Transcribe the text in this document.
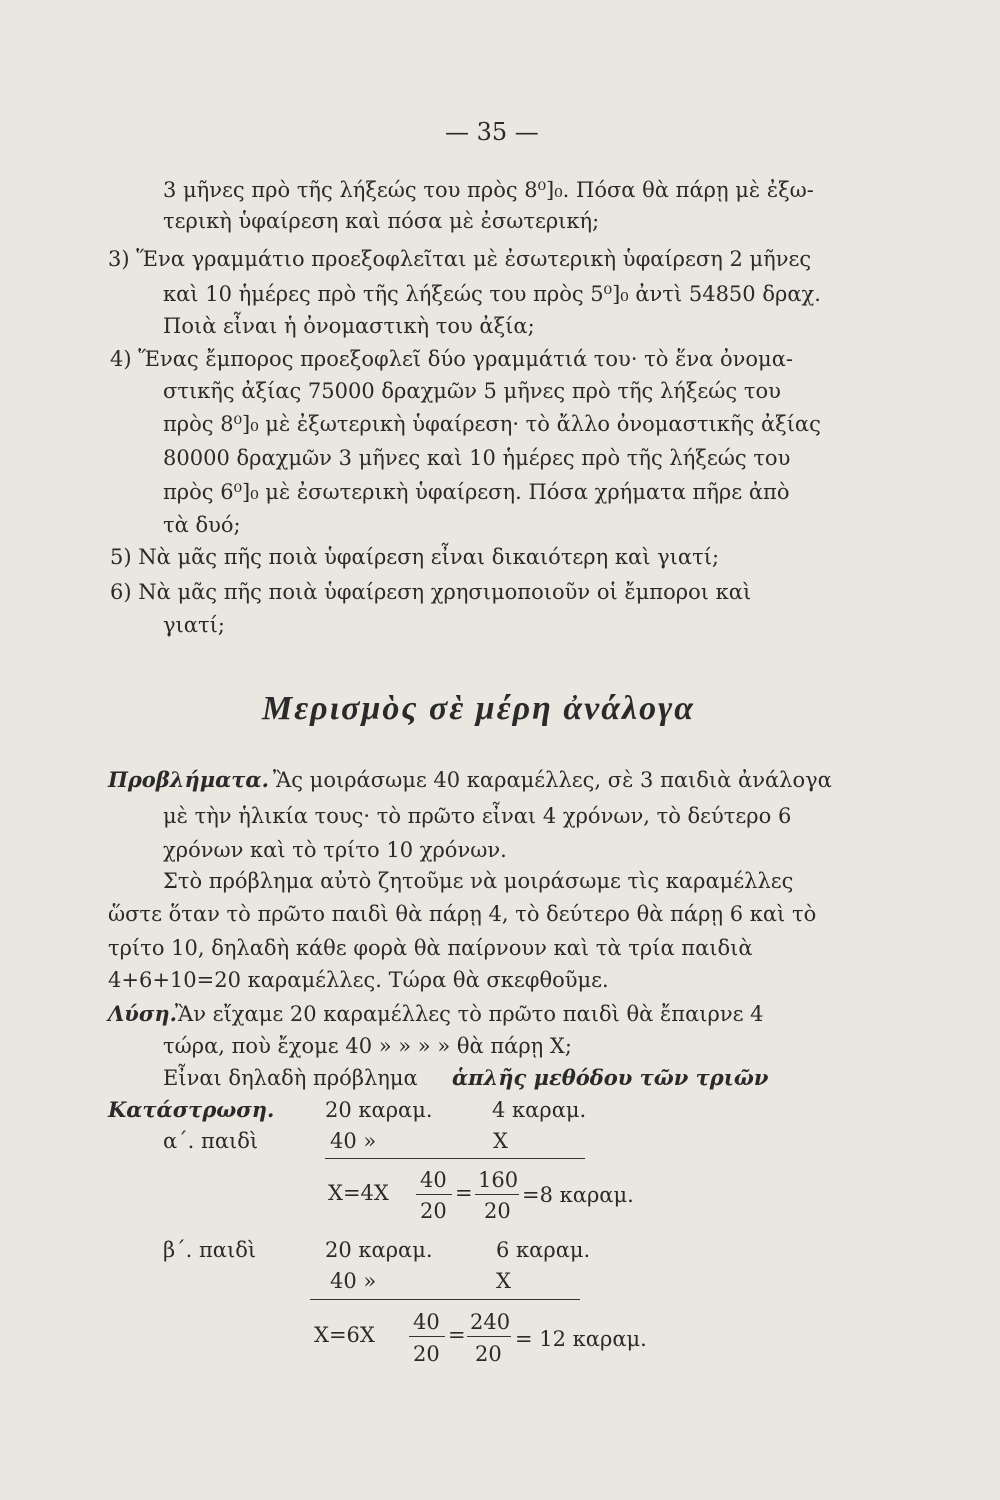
— 35 —
3 μῆνες πρὸ τῆς λήξεώς του πρὸς 8⁰]₀. Πόσα θὰ πάρῃ μὲ ἐξω-
τερικὴ ὑφαίρεση καὶ πόσα μὲ ἐσωτερική;
3) Ἕνα γραμμάτιο προεξοφλεῖται μὲ ἐσωτερικὴ ὑφαίρεση 2 μῆνες
καὶ 10 ἡμέρες πρὸ τῆς λήξεώς του πρὸς 5⁰]₀ ἀντὶ 54850 δραχ.
Ποιὰ εἶναι ἡ ὀνομαστικὴ του ἀξία;
4) Ἕνας ἔμπορος προεξοφλεῖ δύο γραμμάτιά του· τὸ ἕνα ὀνομα-
στικῆς ἀξίας 75000 δραχμῶν 5 μῆνες πρὸ τῆς λήξεώς του
πρὸς 8⁰]₀ μὲ ἐξωτερικὴ ὑφαίρεση· τὸ ἄλλο ὀνομαστικῆς ἀξίας
80000 δραχμῶν 3 μῆνες καὶ 10 ἡμέρες πρὸ τῆς λήξεώς του
πρὸς 6⁰]₀ μὲ ἐσωτερικὴ ὑφαίρεση. Πόσα χρήματα πῆρε ἀπὸ
τὰ δυό;
5) Νὰ μᾶς πῆς ποιὰ ὑφαίρεση εἶναι δικαιότερη καὶ γιατί;
6) Νὰ μᾶς πῆς ποιὰ ὑφαίρεση χρησιμοποιοῦν οἱ ἔμποροι καὶ
γιατί;
Μερισμὸς σὲ μέρη ἀνάλογα
Προβλήματα. Ἂς μοιράσωμε 40 καραμέλλες, σὲ 3 παιδιὰ ἀνάλογα
μὲ τὴν ἡλικία τους· τὸ πρῶτο εἶναι 4 χρόνων, τὸ δεύτερο 6
χρόνων καὶ τὸ τρίτο 10 χρόνων.
Στὸ πρόβλημα αὐτὸ ζητοῦμε νὰ μοιράσωμε τὶς καραμέλλες
ὥστε ὅταν τὸ πρῶτο παιδὶ θὰ πάρῃ 4, τὸ δεύτερο θὰ πάρῃ 6 καὶ τὸ
τρίτο 10, δηλαδὴ κάθε φορὰ θὰ παίρνουν καὶ τὰ τρία παιδιὰ
4+6+10=20 καραμέλλες. Τώρα θὰ σκεφθοῦμε.
Λύση.
Ἂν εἴχαμε 20 καραμέλλες τὸ πρῶτο παιδὶ θὰ ἔπαιρνε 4
τώρα, ποὺ ἔχομε 40 » » » » θὰ πάρῃ X;
Εἶναι δηλαδὴ πρόβλημα ἁπλῆς μεθόδου τῶν τριῶν
Κατάστρωση. 20 καραμ.	4 καραμ.
α΄. παιδὶ	40 »	X
X=4X
40
20
=
160
20
=8 καραμ.
β΄. παιδὶ	20 καραμ.	6 καραμ.
40 »	X
X=6X
40
20
=
240
20
= 12 καραμ.
